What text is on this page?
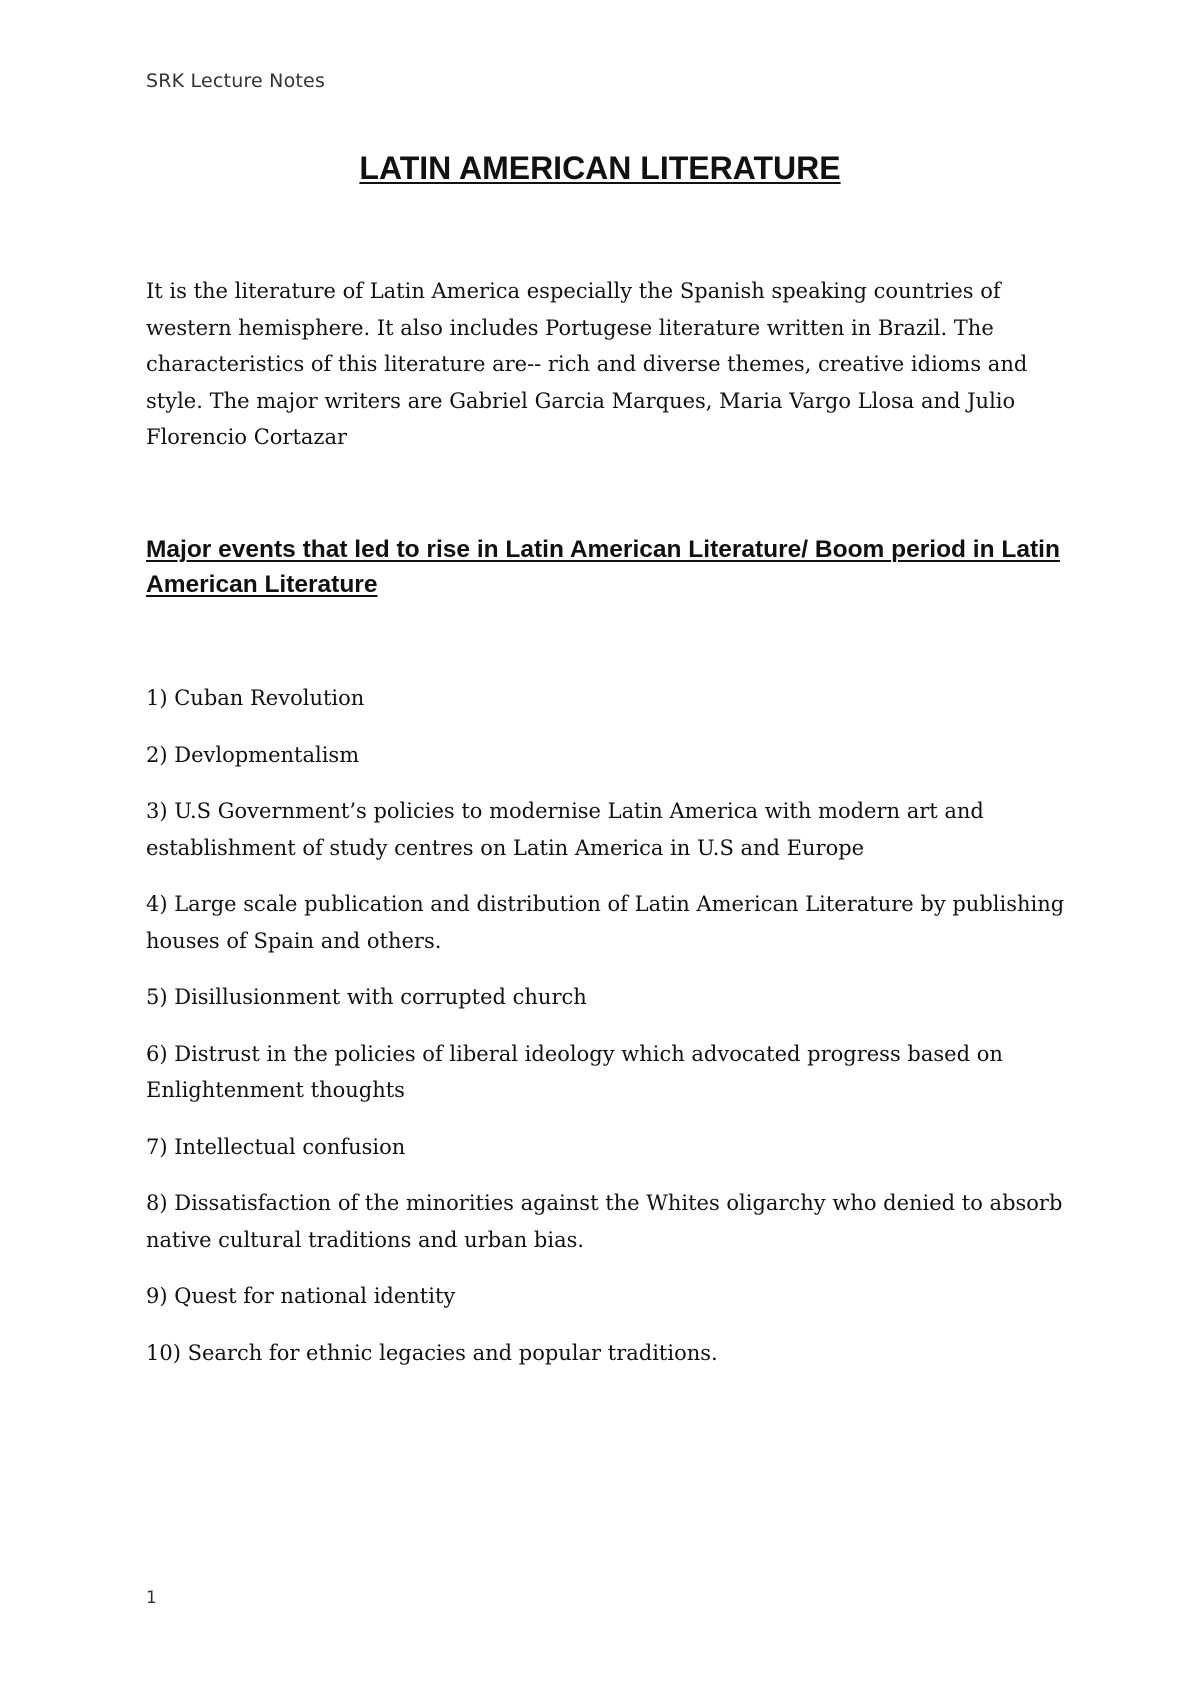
SRK Lecture Notes
LATIN AMERICAN LITERATURE

It is the literature of Latin America especially the Spanish speaking countries of western hemisphere. It also includes Portugese literature written in Brazil. The characteristics of this literature are-- rich and diverse themes, creative idioms and style. The major writers are Gabriel Garcia Marques, Maria Vargo Llosa and Julio Florencio Cortazar

Major events that led to rise in Latin American Literature/ Boom period in Latin American Literature
1) Cuban Revolution
2) Devlopmentalism
3) U.S Government’s policies to modernise Latin America with modern art and establishment of study centres on Latin America in U.S and Europe
4) Large scale publication and distribution of Latin American Literature by publishing houses of Spain and others.
5) Disillusionment with corrupted church
6) Distrust in the policies of liberal ideology which advocated progress based on Enlightenment thoughts
7) Intellectual confusion
8) Dissatisfaction of the minorities against the Whites oligarchy who denied to absorb native cultural traditions and urban bias.
9) Quest for national identity
10) Search for ethnic legacies and popular traditions.
1
